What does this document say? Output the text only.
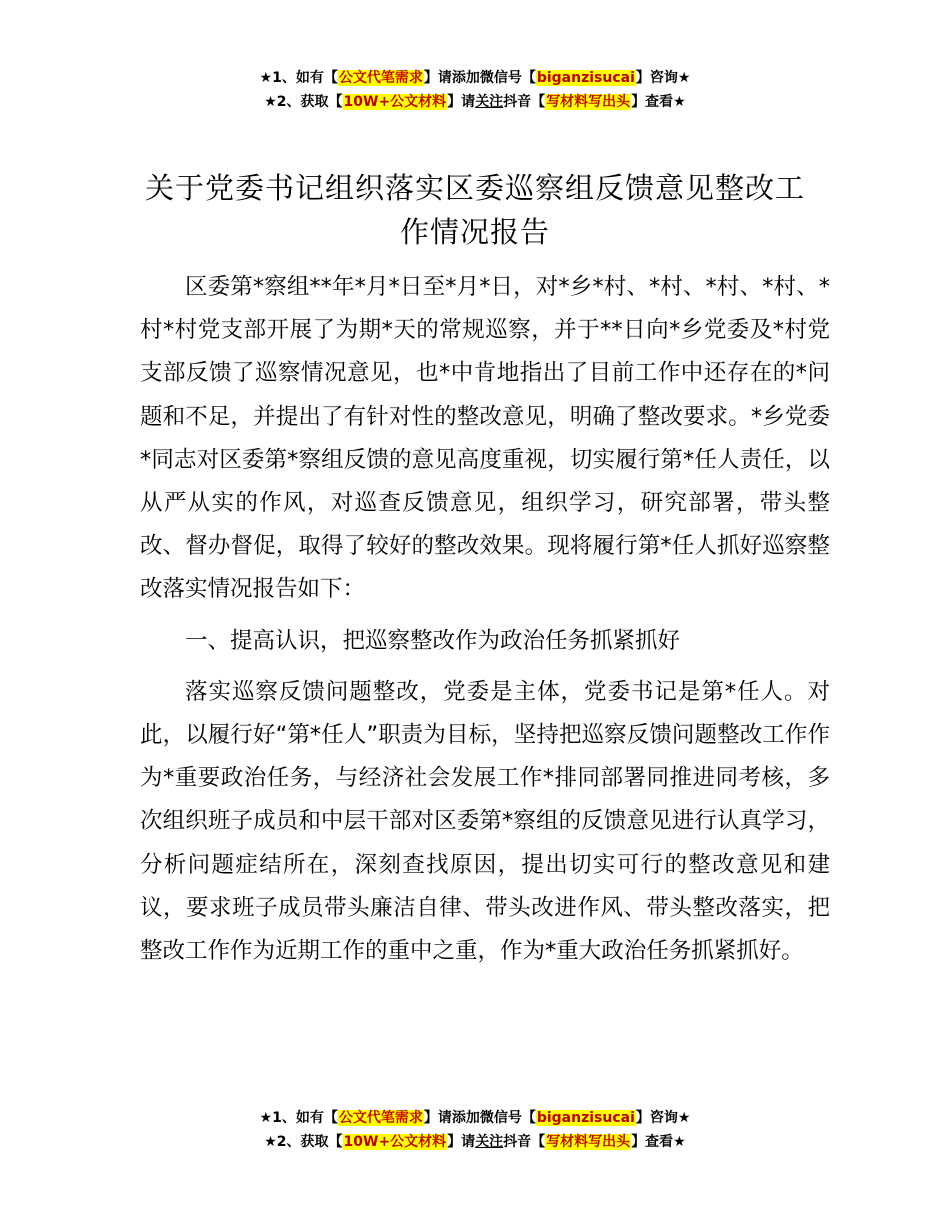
★1、如有【公文代笔需求】请添加微信号【biganzisucai】咨询★
★2、获取【10W+公文材料】请关注抖音【写材料写出头】查看★
关于党委书记组织落实区委巡察组反馈意见整改工作情况报告

区委第*察组**年*月*日至*月*日，对*乡*村、*村、*村、*村、*村*村党支部开展了为期*天的常规巡察，并于**日向*乡党委及*村党支部反馈了巡察情况意见，也*中肯地指出了目前工作中还存在的*问题和不足，并提出了有针对性的整改意见，明确了整改要求。*乡党委*同志对区委第*察组反馈的意见高度重视，切实履行第*任人责任，以从严从实的作风，对巡查反馈意见，组织学习，研究部署，带头整改、督办督促，取得了较好的整改效果。现将履行第*任人抓好巡察整改落实情况报告如下：

一、提高认识，把巡察整改作为政治任务抓紧抓好

落实巡察反馈问题整改，党委是主体，党委书记是第*任人。对此，以履行好“第*任人”职责为目标，坚持把巡察反馈问题整改工作作为*重要政治任务，与经济社会发展工作*排同部署同推进同考核，多次组织班子成员和中层干部对区委第*察组的反馈意见进行认真学习，分析问题症结所在，深刻查找原因，提出切实可行的整改意见和建议，要求班子成员带头廉洁自律、带头改进作风、带头整改落实，把整改工作作为近期工作的重中之重，作为*重大政治任务抓紧抓好。

★1、如有【公文代笔需求】请添加微信号【biganzisucai】咨询★
★2、获取【10W+公文材料】请关注抖音【写材料写出头】查看★
